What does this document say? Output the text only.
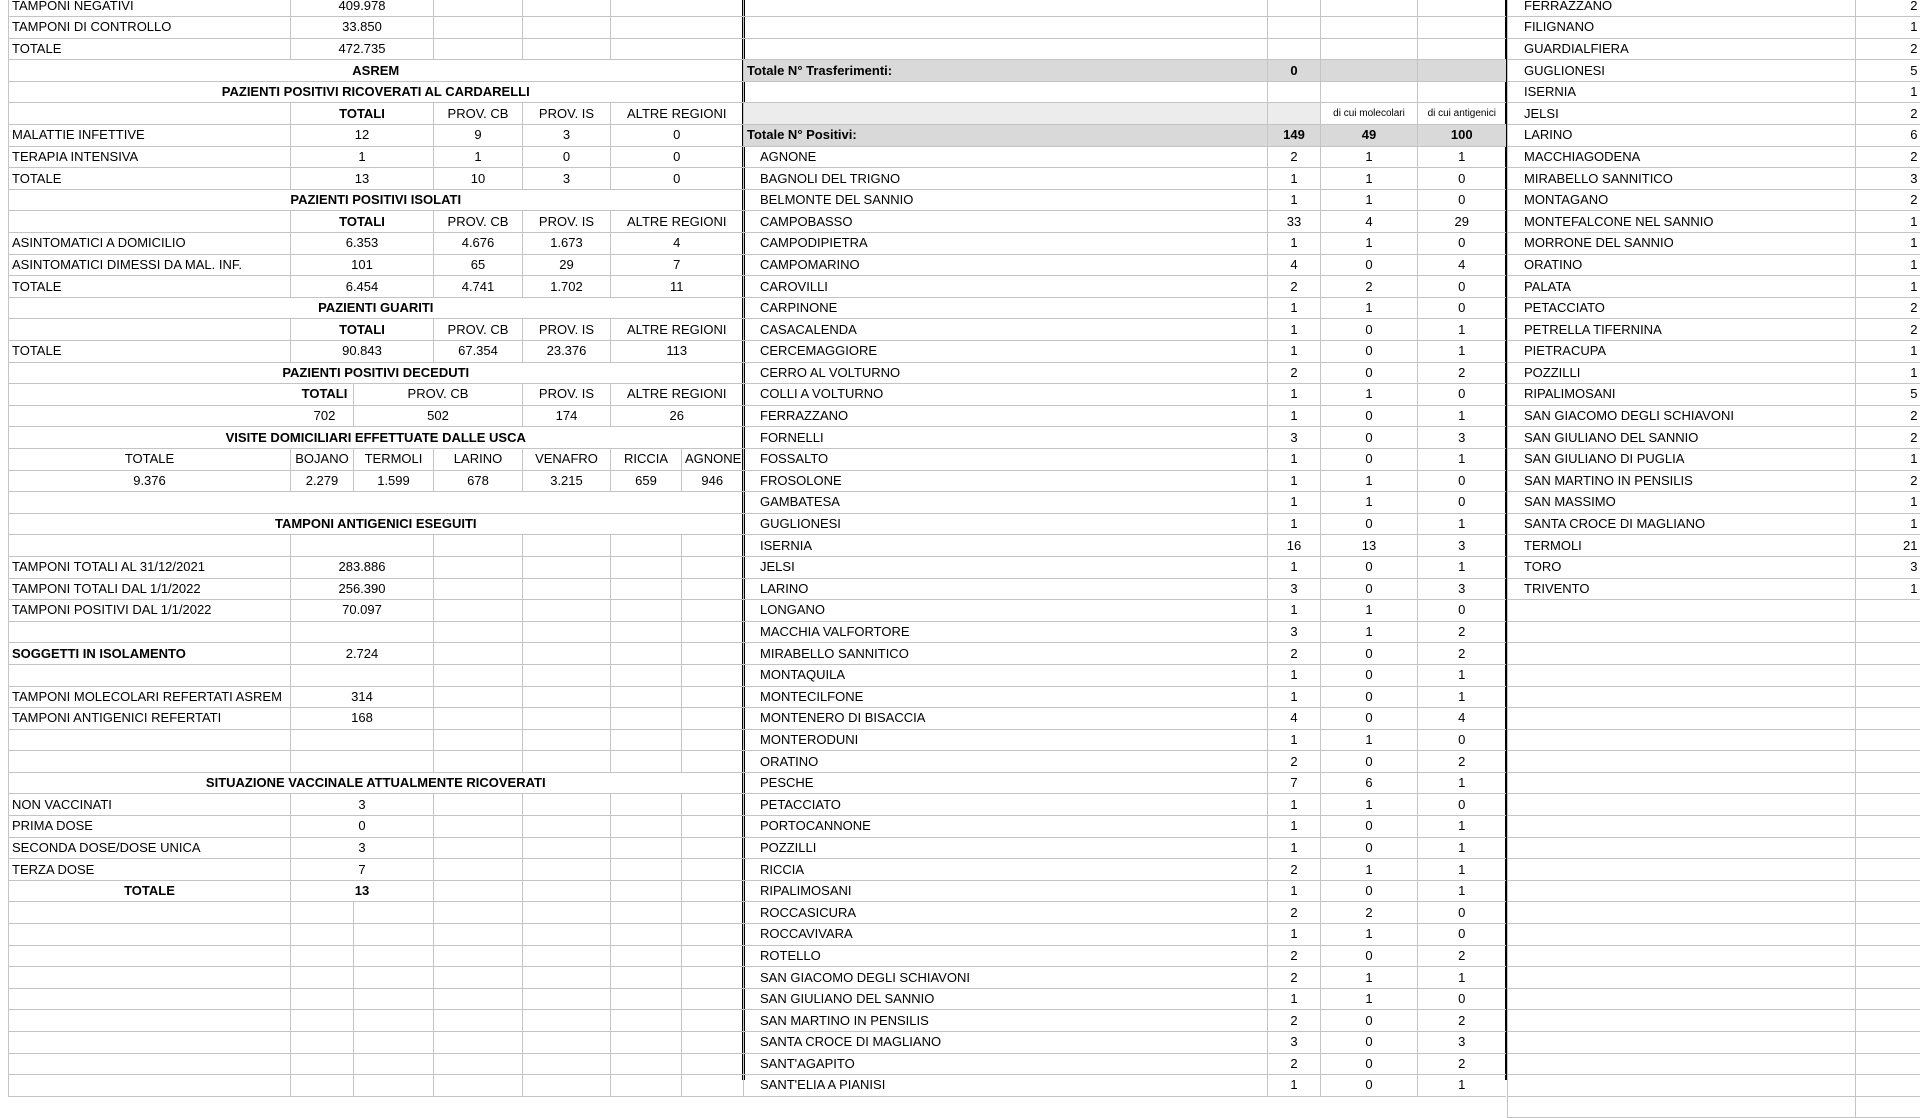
TAMPONI NEGATIVI	409.978					
TAMPONI DI CONTROLLO	33.850					
TOTALE	472.735					
ASREM						
PAZIENTI POSITIVI RICOVERATI AL CARDARELLI						
	TOTALI		PROV. CB	PROV. IS	ALTRE REGIONI	
MALATTIE INFETTIVE	12		9	3	0	
TERAPIA INTENSIVA	1		1	0	0	
TOTALE	13		10	3	0	
PAZIENTI POSITIVI ISOLATI						
	TOTALI		PROV. CB	PROV. IS	ALTRE REGIONI	
ASINTOMATICI A DOMICILIO	6.353		4.676	1.673	4	
ASINTOMATICI DIMESSI DA MAL. INF.	101		65	29	7	
TOTALE	6.454		4.741	1.702	11	
PAZIENTI GUARITI						
	TOTALI		PROV. CB	PROV. IS	ALTRE REGIONI	
TOTALE	90.843		67.354	23.376	113	
PAZIENTI POSITIVI DECEDUTI						
TOTALI		PROV. CB		PROV. IS	ALTRE REGIONI	
702		502		174	26	
VISITE DOMICILIARI EFFETTUATE DALLE USCA						
TOTALE	BOJANO	TERMOLI	LARINO	VENAFRO	RICCIA	AGNONE
9.376	2.279	1.599	678	3.215	659	946

TAMPONI ANTIGENICI ESEGUITI						

TAMPONI TOTALI AL 31/12/2021	283.886					
TAMPONI TOTALI DAL 1/1/2022	256.390					
TAMPONI POSITIVI DAL 1/1/2022	70.097					

SOGGETTI IN ISOLAMENTO	2.724					

TAMPONI MOLECOLARI REFERTATI ASREM	314					
TAMPONI ANTIGENICI REFERTATI	168					

SITUAZIONE VACCINALE ATTUALMENTE RICOVERATI						
NON VACCINATI	3					
PRIMA DOSE	0					
SECONDA DOSE/DOSE UNICA	3					
TERZA DOSE	7					
TOTALE	13					

Totale N° Trasferimenti:	0		

		di cui molecolari	di cui antigenici
Totale N° Positivi:	149	49	100
AGNONE	2	1	1
BAGNOLI DEL TRIGNO	1	1	0
BELMONTE DEL SANNIO	1	1	0
CAMPOBASSO	33	4	29
CAMPODIPIETRA	1	1	0
CAMPOMARINO	4	0	4
CAROVILLI	2	2	0
CARPINONE	1	1	0
CASACALENDA	1	0	1
CERCEMAGGIORE	1	0	1
CERRO AL VOLTURNO	2	0	2
COLLI A VOLTURNO	1	1	0
FERRAZZANO	1	0	1
FORNELLI	3	0	3
FOSSALTO	1	0	1
FROSOLONE	1	1	0
GAMBATESA	1	1	0
GUGLIONESI	1	0	1
ISERNIA	16	13	3
JELSI	1	0	1
LARINO	3	0	3
LONGANO	1	1	0
MACCHIA VALFORTORE	3	1	2
MIRABELLO SANNITICO	2	0	2
MONTAQUILA	1	0	1
MONTECILFONE	1	0	1
MONTENERO DI BISACCIA	4	0	4
MONTERODUNI	1	1	0
ORATINO	2	0	2
PESCHE	7	6	1
PETACCIATO	1	1	0
PORTOCANNONE	1	0	1
POZZILLI	1	0	1
RICCIA	2	1	1
RIPALIMOSANI	1	0	1
ROCCASICURA	2	2	0
ROCCAVIVARA	1	1	0
ROTELLO	2	0	2
SAN GIACOMO DEGLI SCHIAVONI	2	1	1
SAN GIULIANO DEL SANNIO	1	1	0
SAN MARTINO IN PENSILIS	2	0	2
SANTA CROCE DI MAGLIANO	3	0	3
SANT'AGAPITO	2	0	2
SANT'ELIA A PIANISI	1	0	1
FERRAZZANO	2
FILIGNANO	1
GUARDIALFIERA	2
GUGLIONESI	5
ISERNIA	1
JELSI	2
LARINO	6
MACCHIAGODENA	2
MIRABELLO SANNITICO	3
MONTAGANO	2
MONTEFALCONE NEL SANNIO	1
MORRONE DEL SANNIO	1
ORATINO	1
PALATA	1
PETACCIATO	2
PETRELLA TIFERNINA	2
PIETRACUPA	1
POZZILLI	1
RIPALIMOSANI	5
SAN GIACOMO DEGLI SCHIAVONI	2
SAN GIULIANO DEL SANNIO	2
SAN GIULIANO DI PUGLIA	1
SAN MARTINO IN PENSILIS	2
SAN MASSIMO	1
SANTA CROCE DI MAGLIANO	1
TERMOLI	21
TORO	3
TRIVENTO	1
